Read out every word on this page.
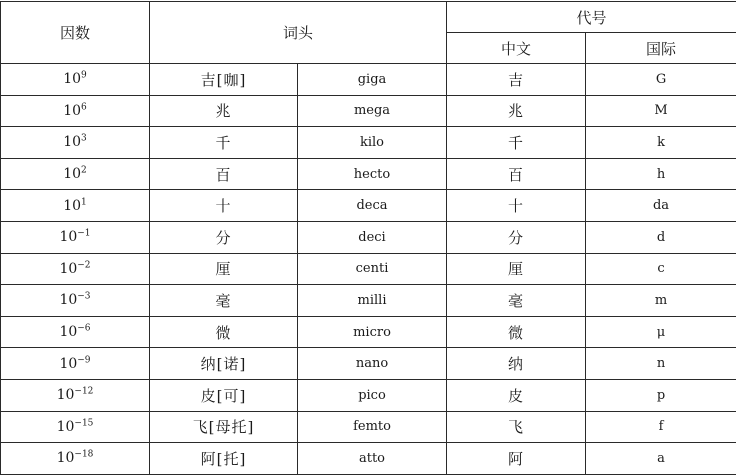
因数	词头		代号	
			中文	国际
$10^9$	吉[咖]	giga	吉	G
$10^6$	兆	mega	兆	M
$10^3$	千	kilo	千	k
$10^2$	百	hecto	百	h
$10^1$	十	deca	十	da
$10^{-1}$	分	deci	分	d
$10^{-2}$	厘	centi	厘	c
$10^{-3}$	毫	milli	毫	m
$10^{-6}$	微	micro	微	μ
$10^{-9}$	纳[诺]	nano	纳	n
$10^{-12}$	皮[可]	pico	皮	p
$10^{-15}$	飞[母托]	femto	飞	f
$10^{-18}$	阿[托]	atto	阿	a
